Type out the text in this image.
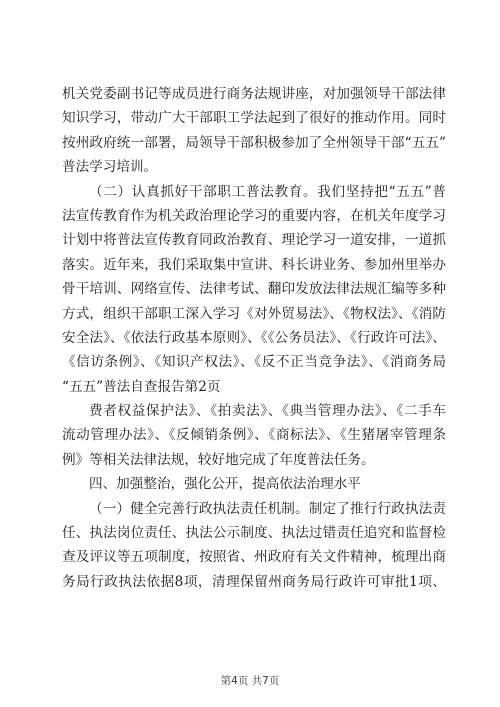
机关党委副书记等成员进行商务法规讲座，对加强领导干部法律
知识学习，带动广大干部职工学法起到了很好的推动作用。同时
按州政府统一部署，局领导干部积极参加了全州领导干部“五五”
普法学习培训。
（二）认真抓好干部职工普法教育。我们坚持把“五五”普
法宣传教育作为机关政治理论学习的重要内容，在机关年度学习
计划中将普法宣传教育同政治教育、理论学习一道安排，一道抓
落实。近年来，我们采取集中宣讲、科长讲业务、参加州里举办
骨干培训、网络宣传、法律考试、翻印发放法律法规汇编等多种
方式，组织干部职工深入学习《对外贸易法》、《物权法》、《消防
安全法》、《依法行政基本原则》、《《公务员法》、《行政许可法》、
《信访条例》、《知识产权法》、《反不正当竞争法》、《消商务局
“五五”普法自查报告第2页
费者权益保护法》、《拍卖法》、《典当管理办法》、《二手车
流动管理办法》、《反倾销条例》、《商标法》、《生猪屠宰管理条
例》等相关法律法规，较好地完成了年度普法任务。
四、加强整治，强化公开，提高依法治理水平
（一）健全完善行政执法责任机制。制定了推行行政执法责
任、执法岗位责任、执法公示制度、执法过错责任追究和监督检
查及评议等五项制度，按照省、州政府有关文件精神，梳理出商
务局行政执法依据8项，清理保留州商务局行政许可审批1项、
第4页 共7页
